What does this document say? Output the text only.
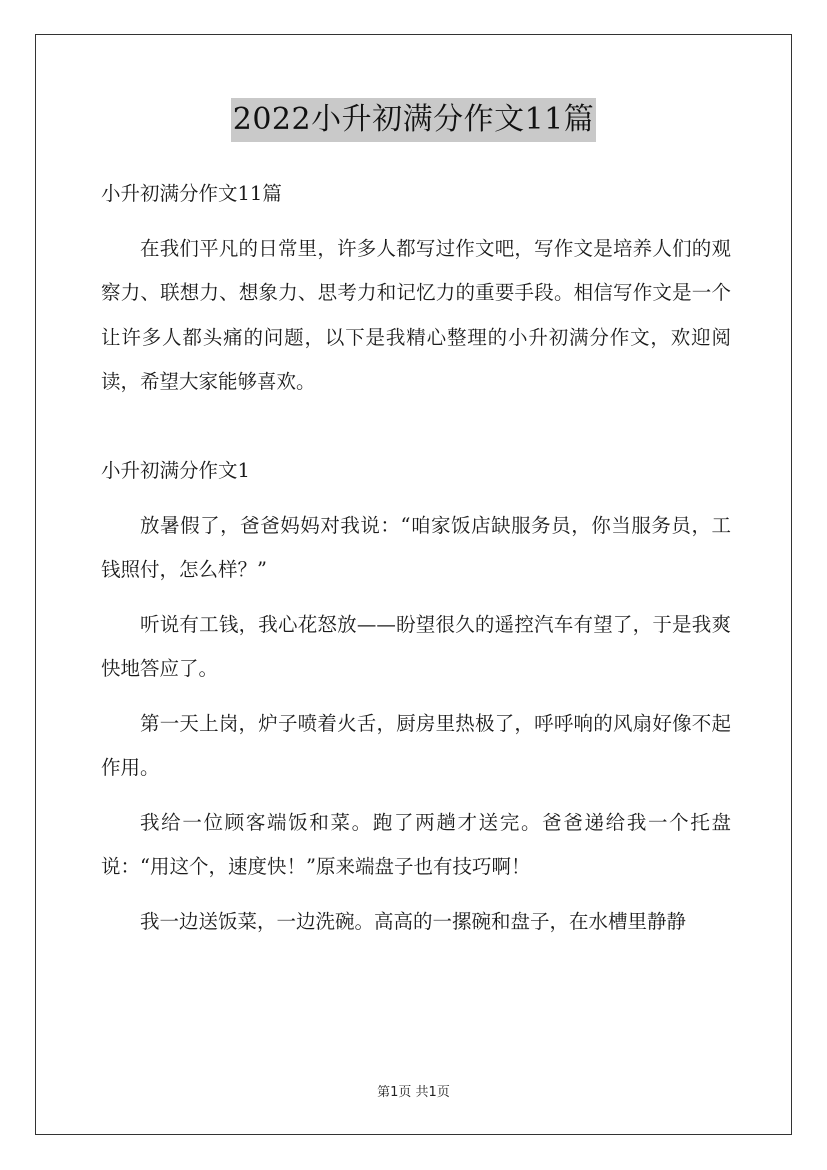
2022小升初满分作文11篇

小升初满分作文11篇

在我们平凡的日常里，许多人都写过作文吧，写作文是培养人们的观察力、联想力、想象力、思考力和记忆力的重要手段。相信写作文是一个让许多人都头痛的问题，以下是我精心整理的小升初满分作文，欢迎阅读，希望大家能够喜欢。

小升初满分作文1

放暑假了，爸爸妈妈对我说：“咱家饭店缺服务员，你当服务员，工钱照付，怎么样？”

听说有工钱，我心花怒放——盼望很久的遥控汽车有望了，于是我爽快地答应了。

第一天上岗，炉子喷着火舌，厨房里热极了，呼呼响的风扇好像不起作用。

我给一位顾客端饭和菜。跑了两趟才送完。爸爸递给我一个托盘说：“用这个，速度快！”原来端盘子也有技巧啊！

我一边送饭菜，一边洗碗。高高的一摞碗和盘子，在水槽里静静

第1页 共1页
